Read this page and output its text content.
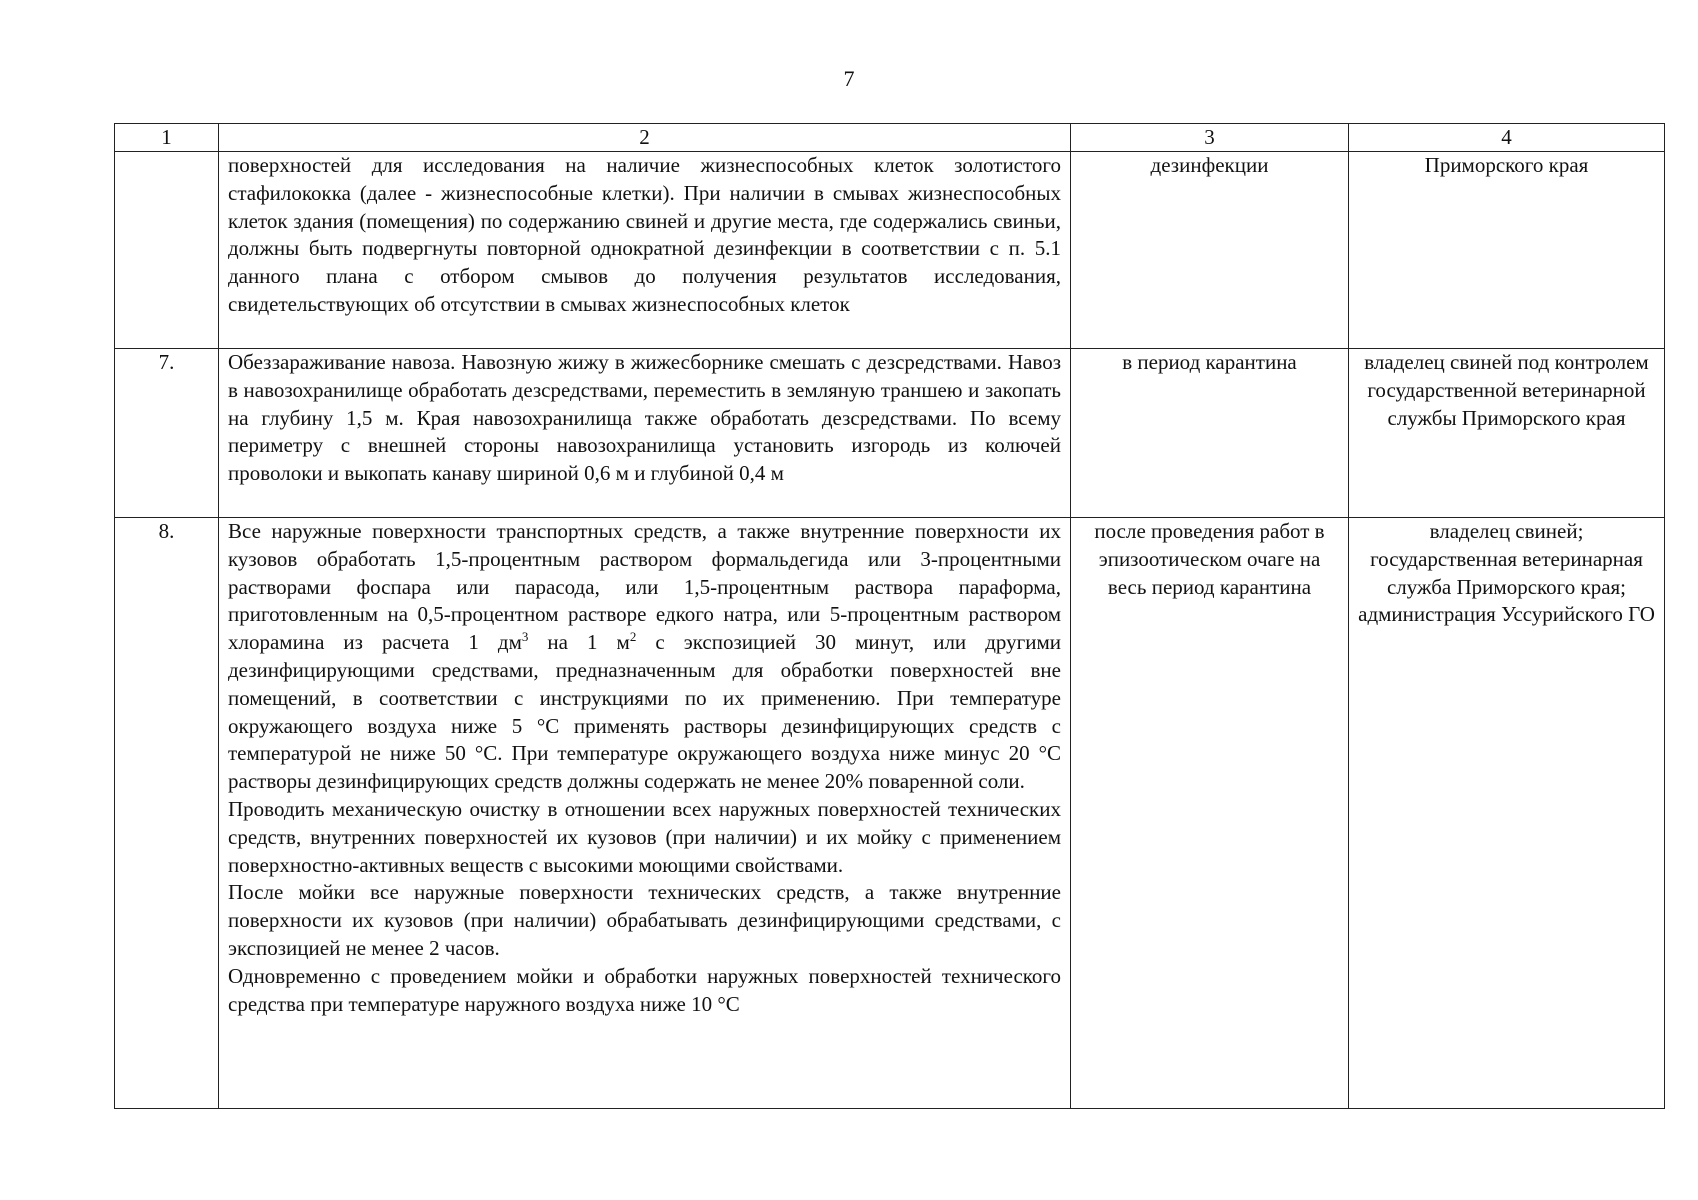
7
1	2	3	4
	поверхностей для исследования на наличие жизнеспособных клеток золотистого стафилококка (далее - жизнеспособные клетки). При наличии в смывах жизнеспособных клеток здания (помещения) по содержанию свиней и другие места, где содержались свиньи, должны быть подвергнуты повторной однократной дезинфекции в соответствии с п. 5.1 данного плана с отбором смывов до получения результатов исследования, свидетельствующих об отсутствии в смывах жизнеспособных клеток	дезинфекции	Приморского края
7.	Обеззараживание навоза. Навозную жижу в жижесборнике смешать с дезсредствами. Навоз в навозохранилище обработать дезсредствами, переместить в земляную траншею и закопать на глубину 1,5 м. Края навозохранилища также обработать дезсредствами. По всему периметру с внешней стороны навозохранилища установить изгородь из колючей проволоки и выкопать канаву шириной 0,6 м и глубиной 0,4 м	в период карантина	владелец свиней под контролем государственной ветеринарной службы Приморского края
8.	Все наружные поверхности транспортных средств, а также внутренние поверхности их кузовов обработать 1,5-процентным раствором формальдегида или 3-процентными растворами фоспара или парасода, или 1,5-процентным раствора параформа, приготовленным на 0,5-процентном растворе едкого натра, или 5-процентным раствором хлорамина из расчета 1 $дм^3$ на 1 $м^2$ с экспозицией 30 минут, или другими дезинфицирующими средствами, предназначенным для обработки поверхностей вне помещений, в соответствии с инструкциями по их применению. При температуре окружающего воздуха ниже 5 °С применять растворы дезинфицирующих средств с температурой не ниже 50 °С. При температуре окружающего воздуха ниже минус 20 °С растворы дезинфицирующих средств должны содержать не менее 20% поваренной соли.
Проводить механическую очистку в отношении всех наружных поверхностей технических средств, внутренних поверхностей их кузовов (при наличии) и их мойку с применением поверхностно-активных веществ с высокими моющими свойствами.
После мойки все наружные поверхности технических средств, а также внутренние поверхности их кузовов (при наличии) обрабатывать дезинфицирующими средствами, с экспозицией не менее 2 часов.
Одновременно с проведением мойки и обработки наружных поверхностей технического средства при температуре наружного воздуха ниже 10 °С	после проведения работ в эпизоотическом очаге на весь период карантина	владелец свиней; государственная ветеринарная служба Приморского края; администрация Уссурийского ГО
